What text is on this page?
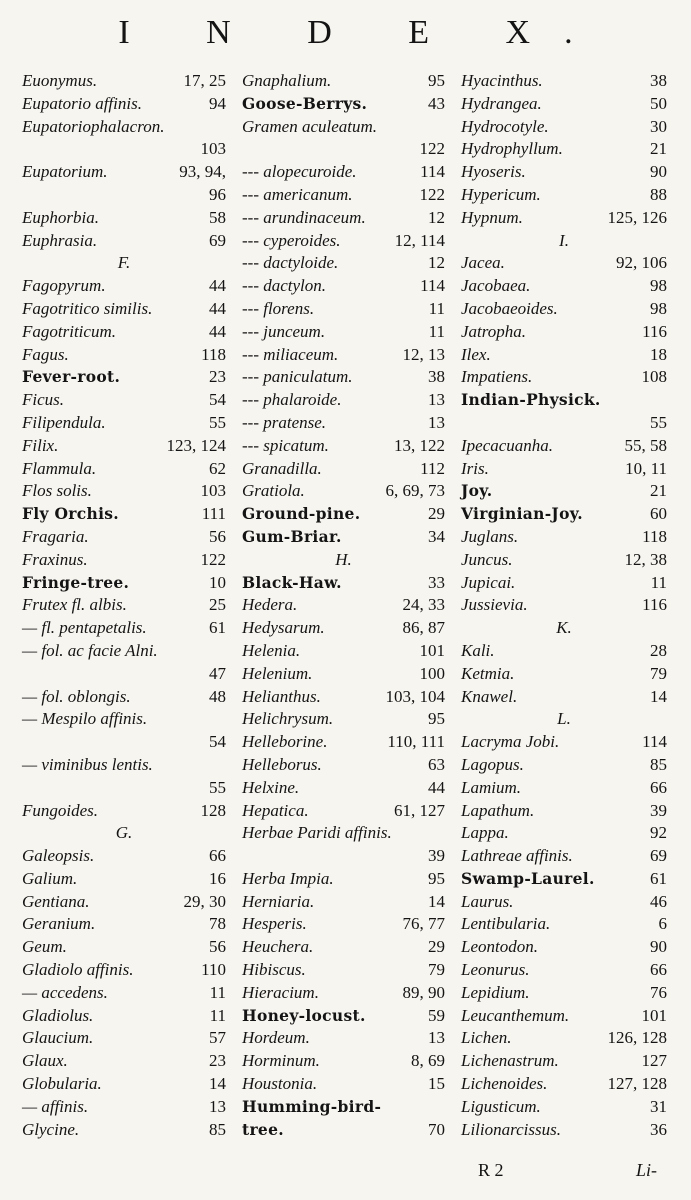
I N D E X.
Euonymus.	17, 25
Eupatorio affinis.	94
Eupatoriophalacron.
103
Eupatorium.	93, 94,
96
Euphorbia.	58
Euphrasia.	69
F.
Fagopyrum.	44
Fagotritico similis.	44
Fagotriticum.	44
Fagus.	118
Fever-root.	23
Ficus.	54
Filipendula.	55
Filix.	123, 124
Flammula.	62
Flos solis.	103
Fly Orchis.	111
Fragaria.	56
Fraxinus.	122
Fringe-tree.	10
Frutex fl. albis.	25
— fl. pentapetalis.	61
— fol. ac facie Alni.
47
— fol. oblongis.	48
— Mespilo affinis.
54
— viminibus lentis.
55
Fungoides.	128
G.
Galeopsis.	66
Galium.	16
Gentiana.	29, 30
Geranium.	78
Geum.	56
Gladiolo affinis.	110
— accedens.	11
Gladiolus.	11
Glaucium.	57
Glaux.	23
Globularia.	14
— affinis.	13
Glycine.	85
Gnaphalium.	95
Goose-Berrys.	43
Gramen aculeatum.
122
--- alopecuroide.	114
--- americanum.	122
--- arundinaceum.	12
--- cyperoides.	12, 114
--- dactyloide.	12
--- dactylon.	114
--- florens.	11
--- junceum.	11
--- miliaceum.	12, 13
--- paniculatum.	38
--- phalaroide.	13
--- pratense.	13
--- spicatum.	13, 122
Granadilla.	112
Gratiola.	6, 69, 73
Ground-pine.	29
Gum-Briar.	34
H.
Black-Haw.	33
Hedera.	24, 33
Hedysarum.	86, 87
Helenia.	101
Helenium.	100
Helianthus.	103, 104
Helichrysum.	95
Helleborine.	110, 111
Helleborus.	63
Helxine.	44
Hepatica.	61, 127
Herbae Paridi affinis.
39
Herba Impia.	95
Herniaria.	14
Hesperis.	76, 77
Heuchera.	29
Hibiscus.	79
Hieracium.	89, 90
Honey-locust.	59
Hordeum.	13
Horminum.	8, 69
Houstonia.	15
Humming-bird-
tree.	70
Hyacinthus.	38
Hydrangea.	50
Hydrocotyle.	30
Hydrophyllum.	21
Hyoseris.	90
Hypericum.	88
Hypnum.	125, 126
I.
Jacea.	92, 106
Jacobaea.	98
Jacobaeoides.	98
Jatropha.	116
Ilex.	18
Impatiens.	108
Indian-Physick.
55
Ipecacuanha.	55, 58
Iris.	10, 11
Joy.	21
Virginian-Joy.	60
Juglans.	118
Juncus.	12, 38
Jupicai.	11
Jussievia.	116
K.
Kali.	28
Ketmia.	79
Knawel.	14
L.
Lacryma Jobi.	114
Lagopus.	85
Lamium.	66
Lapathum.	39
Lappa.	92
Lathreae affinis.	69
Swamp-Laurel.	61
Laurus.	46
Lentibularia.	6
Leontodon.	90
Leonurus.	66
Lepidium.	76
Leucanthemum.	101
Lichen.	126, 128
Lichenastrum.	127
Lichenoides.	127, 128
Ligusticum.	31
Lilionarcissus.	36
R 2	Li-
